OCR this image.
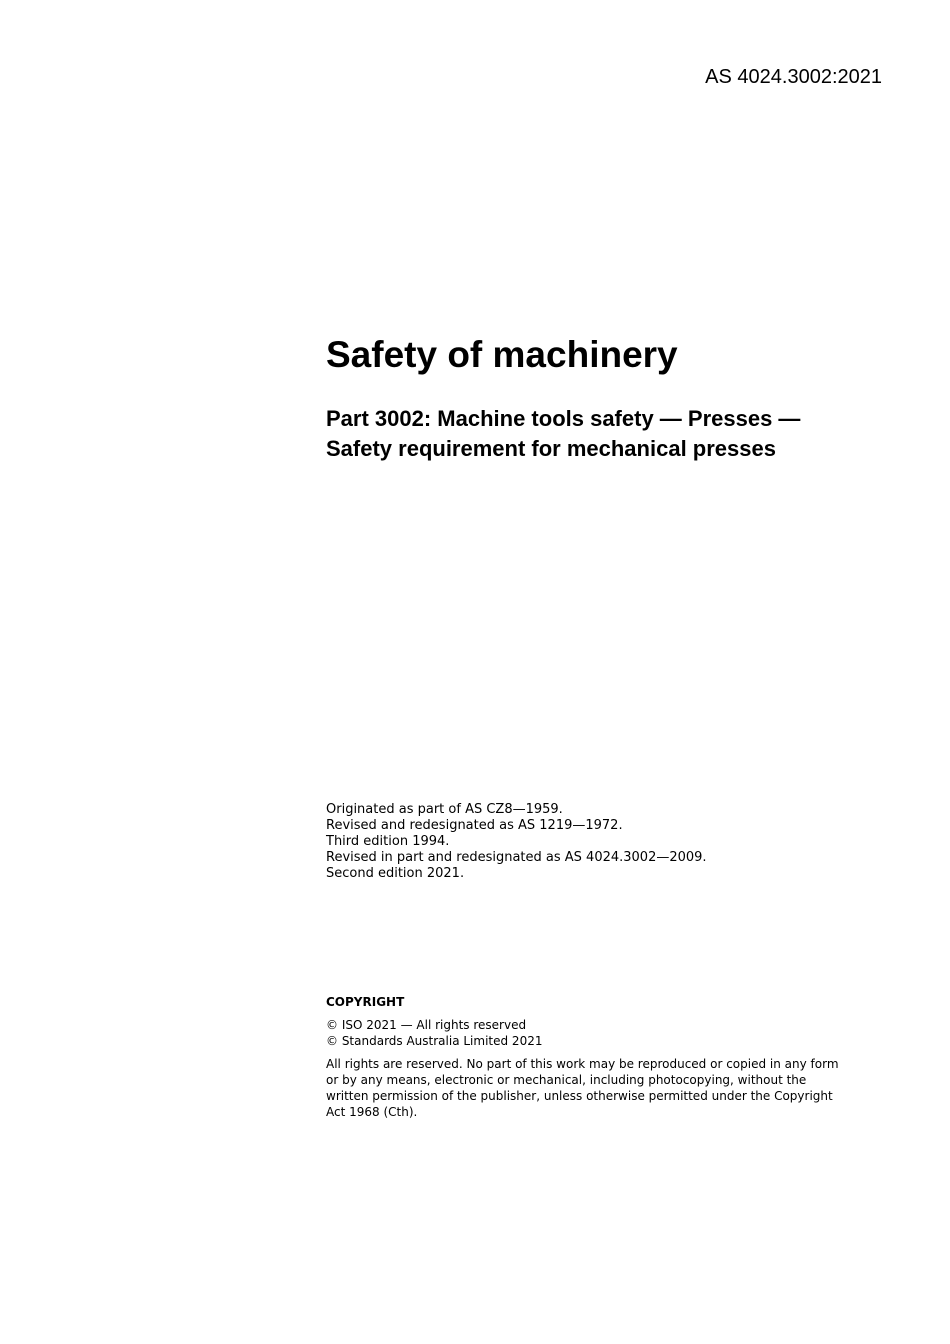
AS 4024.3002:2021
Safety of machinery
Part 3002: Machine tools safety — Presses —
Safety requirement for mechanical presses
Originated as part of AS CZ8—1959.
Revised and redesignated as AS 1219—1972.
Third edition 1994.
Revised in part and redesignated as AS 4024.3002—2009.
Second edition 2021.
COPYRIGHT
© ISO 2021 — All rights reserved
© Standards Australia Limited 2021
All rights are reserved. No part of this work may be reproduced or copied in any form or by any means, electronic or mechanical, including photocopying, without the written permission of the publisher, unless otherwise permitted under the Copyright Act 1968 (Cth).
